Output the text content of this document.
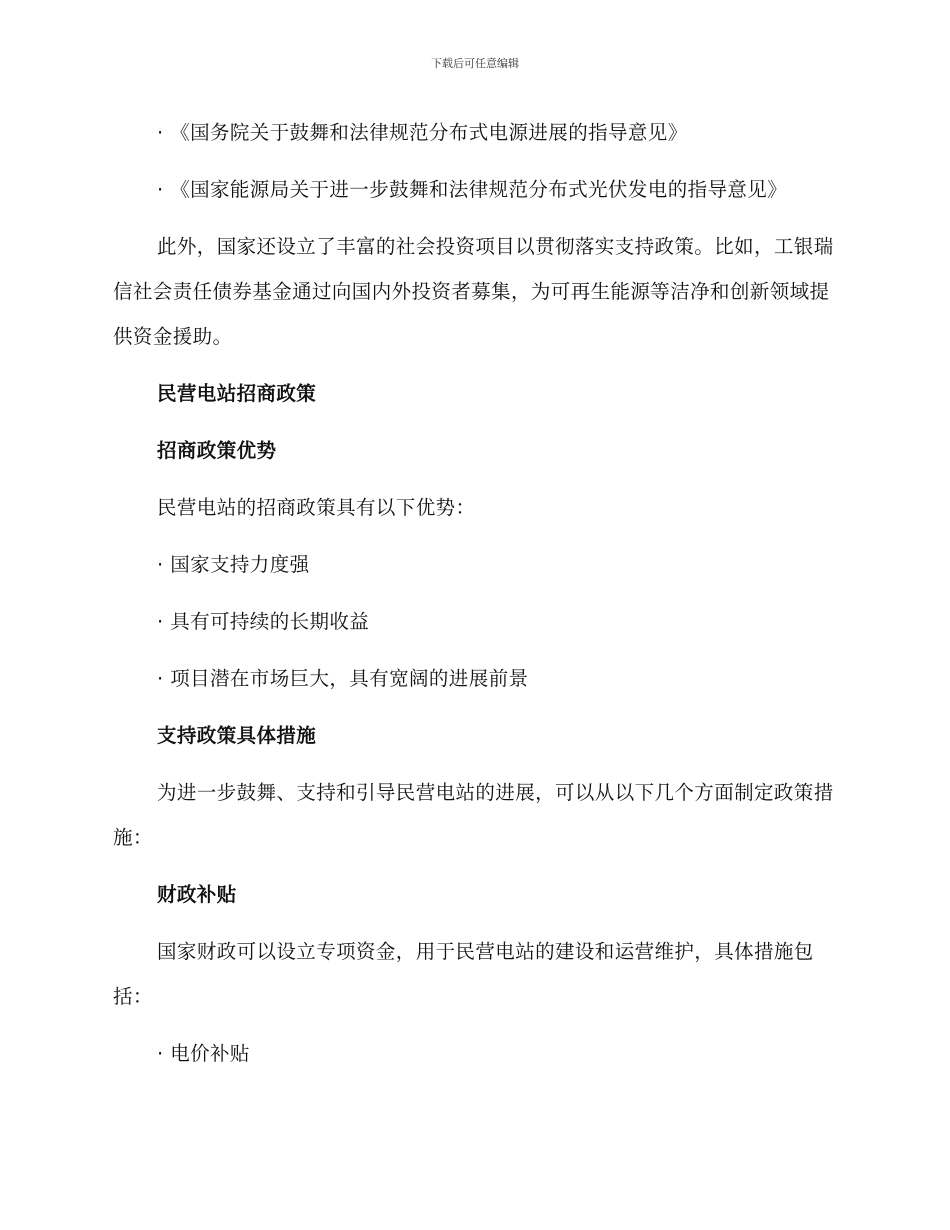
下载后可任意编辑

· 《国务院关于鼓舞和法律规范分布式电源进展的指导意见》

· 《国家能源局关于进一步鼓舞和法律规范分布式光伏发电的指导意见》

此外，国家还设立了丰富的社会投资项目以贯彻落实支持政策。比如，工银瑞信社会责任债券基金通过向国内外投资者募集，为可再生能源等洁净和创新领域提供资金援助。

民营电站招商政策

招商政策优势

民营电站的招商政策具有以下优势：

· 国家支持力度强

· 具有可持续的长期收益

· 项目潜在市场巨大，具有宽阔的进展前景

支持政策具体措施

为进一步鼓舞、支持和引导民营电站的进展，可以从以下几个方面制定政策措施：

财政补贴

国家财政可以设立专项资金，用于民营电站的建设和运营维护，具体措施包括：

· 电价补贴
